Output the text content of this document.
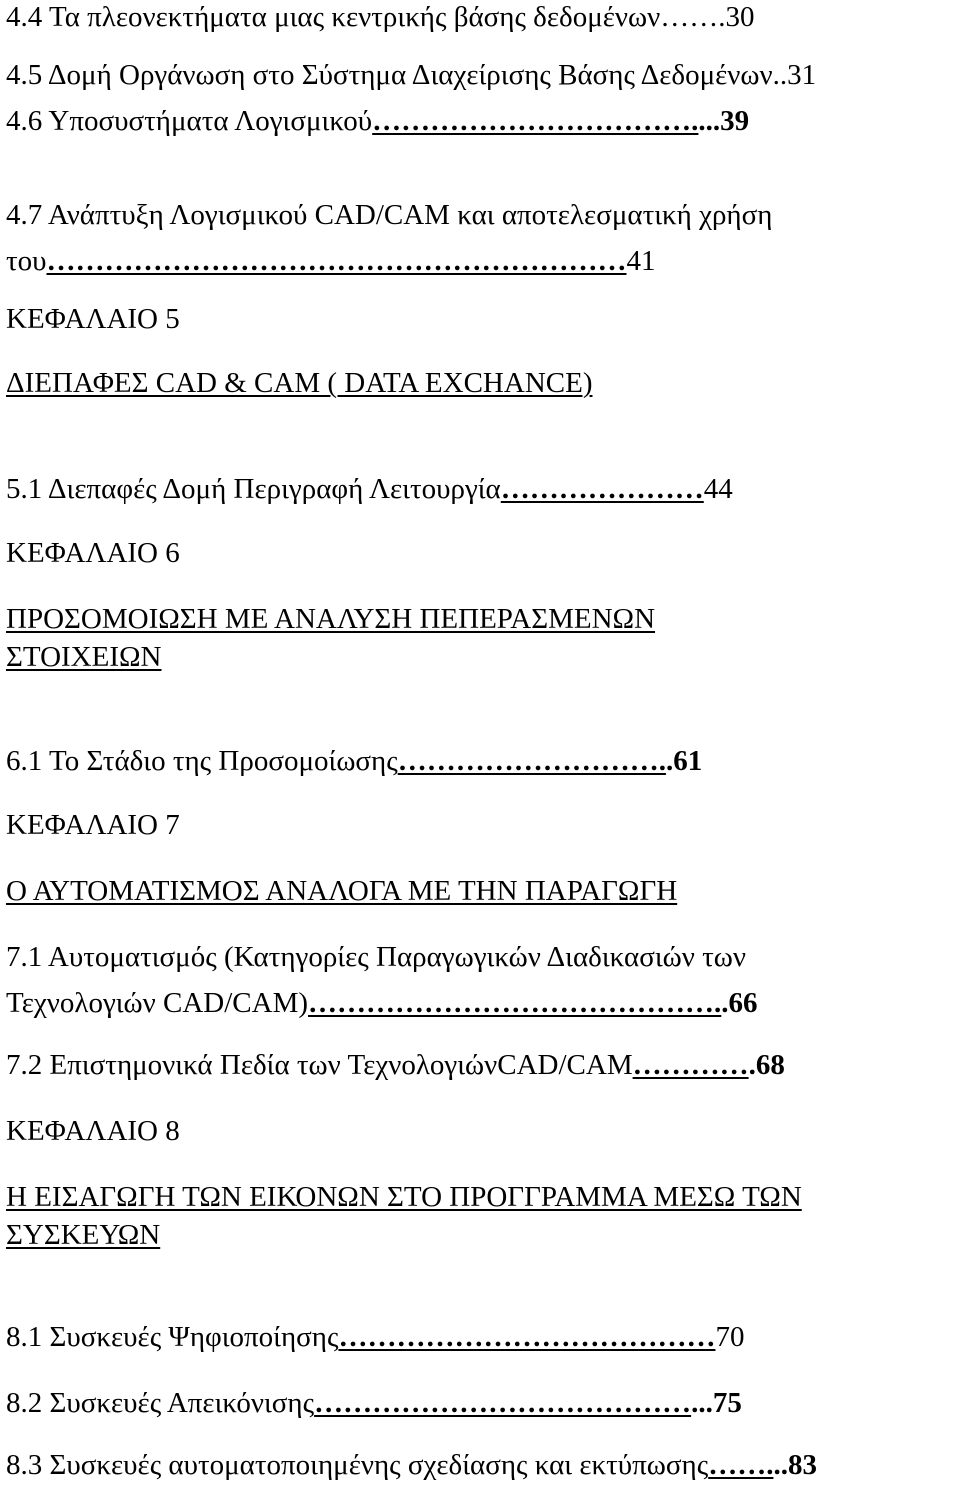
4.4 Τα πλεονεκτήματα μιας κεντρικής βάσης δεδομένων…….30
4.5 Δομή Οργάνωση στο Σύστημα Διαχείρισης Βάσης Δεδομένων..31
4.6 Υποσυστήματα Λογισμικού……………………………....39
4.7 Ανάπτυξη Λογισμικού CAD/CAM και αποτελεσματική χρήση
του……………………………………………………41
ΚΕΦΑΛΑΙΟ 5
ΔΙΕΠΑΦΕΣ CAD & CAM ( DATA EXCHANCE)
5.1 Διεπαφές Δομή Περιγραφή Λειτουργία…………………44
ΚΕΦΑΛΑΙΟ 6
ΠΡΟΣΟΜΟΙΩΣΗ ΜΕ ΑΝΑΛΥΣΗ ΠΕΠΕΡΑΣΜΕΝΩΝ
ΣΤΟΙΧΕΙΩΝ
6.1 Το Στάδιο της Προσομοίωσης………………………..61
ΚΕΦΑΛΑΙΟ 7
Ο ΑΥΤΟΜΑΤΙΣΜΟΣ ΑΝΑΛΟΓΑ ΜΕ ΤΗΝ ΠΑΡΑΓΩΓΗ
7.1 Αυτοματισμός (Κατηγορίες Παραγωγικών Διαδικασιών των
Τεχνολογιών CAD/CAM)……………………………………..66
7.2 Επιστημονικά Πεδία των ΤεχνολογιώνCAD/CAM………….68
ΚΕΦΑΛΑΙΟ 8
Η ΕΙΣΑΓΩΓΗ ΤΩΝ ΕΙΚΟΝΩΝ ΣΤΟ ΠΡΟΓΓΡΑΜΜΑ ΜΕΣΩ ΤΩΝ
ΣΥΣΚΕΥΩΝ
8.1 Συσκευές Ψηφιοποίησης…………………………………70
8.2 Συσκευές Απεικόνισης…………………………………...75
8.3 Συσκευές αυτοματοποιημένης σχεδίασης και εκτύπωσης……...83
